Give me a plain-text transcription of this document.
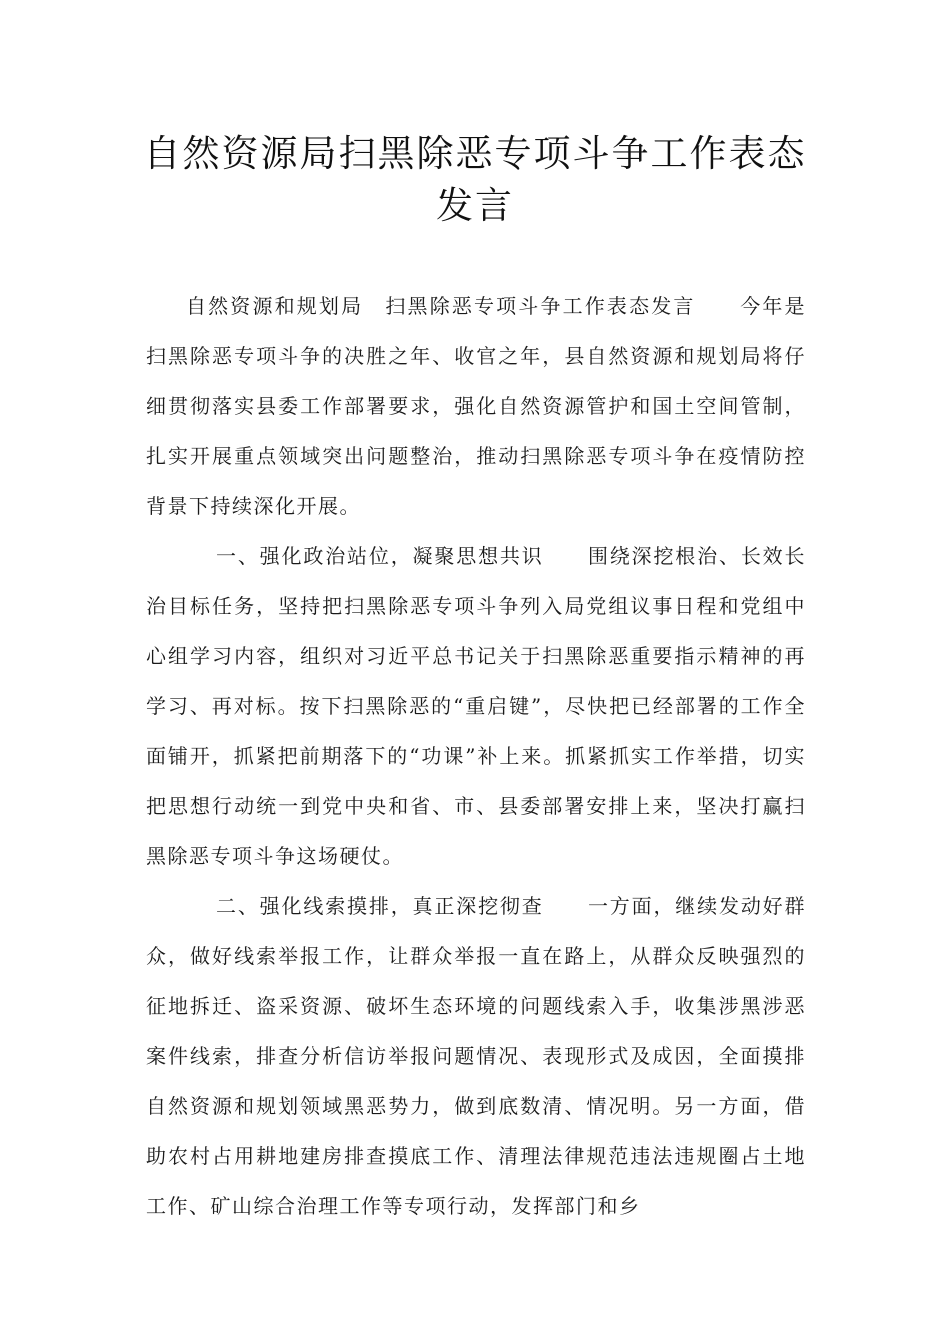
自然资源局扫黑除恶专项斗争工作表态
发言

自然资源和规划局　扫黑除恶专项斗争工作表态发言 今年是扫黑除恶专项斗争的决胜之年、收官之年，县自然资源和规划局将仔细贯彻落实县委工作部署要求，强化自然资源管护和国土空间管制，扎实开展重点领域突出问题整治，推动扫黑除恶专项斗争在疫情防控背景下持续深化开展。

一、强化政治站位，凝聚思想共识 围绕深挖根治、长效长治目标任务，坚持把扫黑除恶专项斗争列入局党组议事日程和党组中心组学习内容，组织对习近平总书记关于扫黑除恶重要指示精神的再学习、再对标。按下扫黑除恶的“重启键”，尽快把已经部署的工作全面铺开，抓紧把前期落下的“功课”补上来。抓紧抓实工作举措，切实把思想行动统一到党中央和省、市、县委部署安排上来，坚决打赢扫黑除恶专项斗争这场硬仗。

二、强化线索摸排，真正深挖彻查 一方面，继续发动好群众，做好线索举报工作，让群众举报一直在路上，从群众反映强烈的征地拆迁、盗采资源、破坏生态环境的问题线索入手，收集涉黑涉恶案件线索，排查分析信访举报问题情况、表现形式及成因，全面摸排自然资源和规划领域黑恶势力，做到底数清、情况明。另一方面，借助农村占用耕地建房排查摸底工作、清理法律规范违法违规圈占土地工作、矿山综合治理工作等专项行动，发挥部门和乡
